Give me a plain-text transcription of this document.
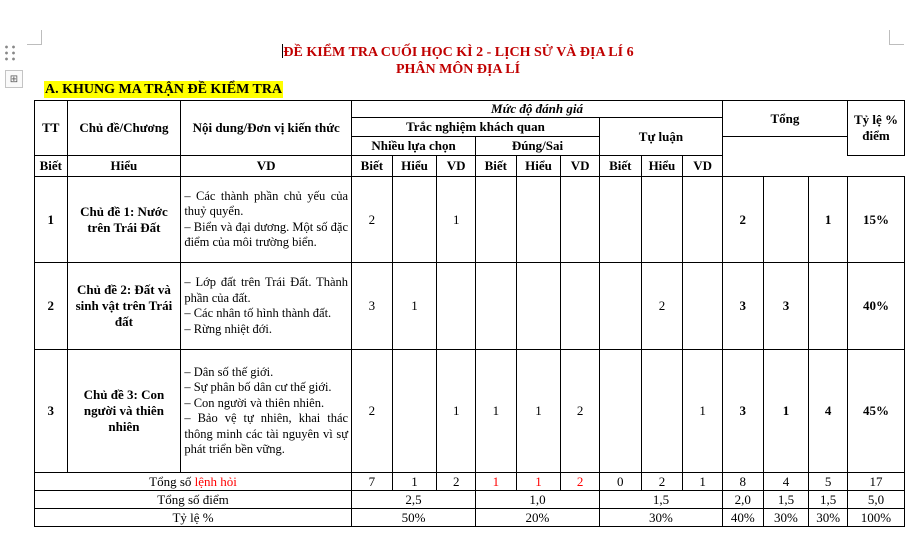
⊞
ĐỀ KIỂM TRA CUỐI HỌC KÌ 2 - LỊCH SỬ VÀ ĐỊA LÍ 6
PHÂN MÔN ĐỊA LÍ
A. KHUNG MA TRẬN ĐỀ KIỂM TRA
TT	Chủ đề/Chương	Nội dung/Đơn vị kiến thức	Mức độ đánh giá									Tổng			Tỷ lệ % điểm
			Trắc nghiệm khách quan						Tự luận						
			Nhiều lựa chọn			Đúng/Sai									
Biết	Hiểu	VD	Biết	Hiểu	VD	Biết	Hiểu	VD	Biết	Hiểu	VD				
1	Chủ đề 1: Nước trên Trái Đất	– Các thành phần chủ yếu của thuỷ quyển.

– Biển và đại dương. Một số đặc điểm của môi trường biển.	2		1							2		1	15%
2	Chủ đề 2: Đất và sinh vật trên Trái đất	– Lớp đất trên Trái Đất. Thành phần của đất.

– Các nhân tố hình thành đất.

– Rừng nhiệt đới.	3	1						2		3	3		40%
3	Chủ đề 3: Con người và thiên nhiên	– Dân số thế giới.

– Sự phân bố dân cư thế giới.

– Con người và thiên nhiên.

– Bảo vệ tự nhiên, khai thác thông minh các tài nguyên vì sự phát triển bền vững.	2		1	1	1	2			1	3	1	4	45%
Tổng số lệnh hỏi			7	1	2	1	1	2	0	2	1	8	4	5	17
Tổng số điểm			2,5			1,0			1,5			2,0	1,5	1,5	5,0
Tỷ lệ %			50%			20%			30%			40%	30%	30%	100%
